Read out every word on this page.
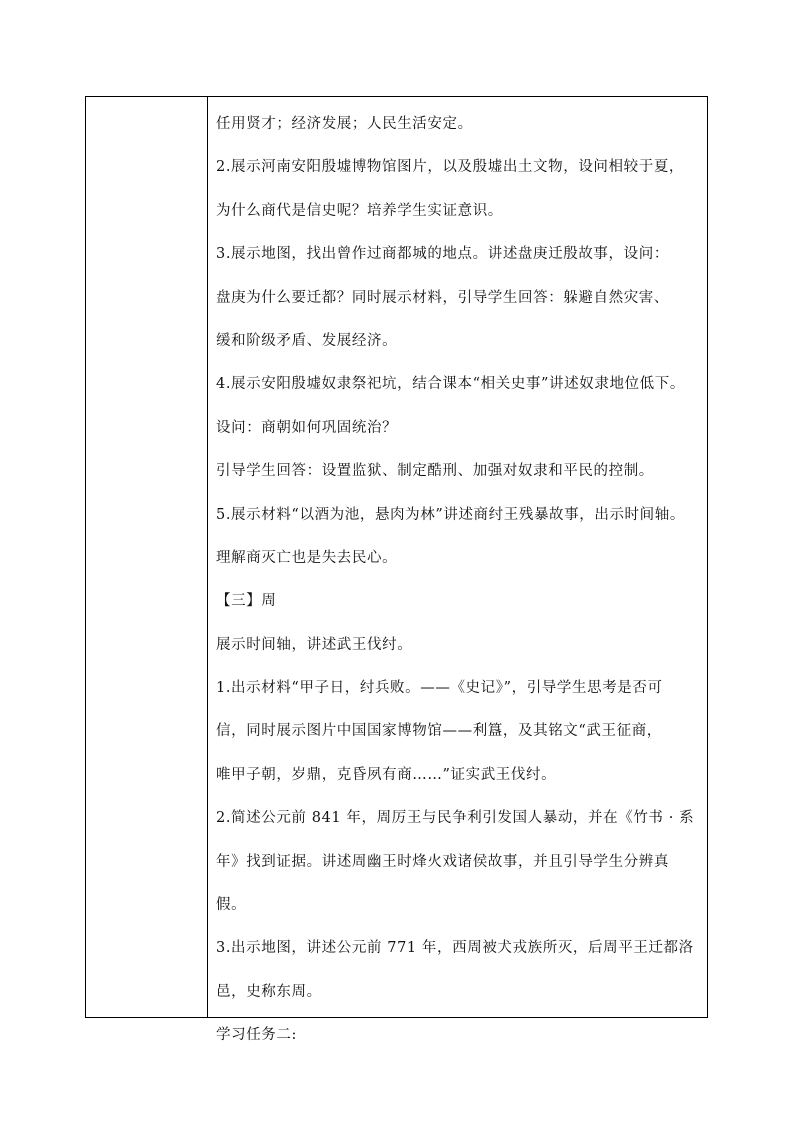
任用贤才；经济发展；人民生活安定。
2.展示河南安阳殷墟博物馆图片，以及殷墟出土文物，设问相较于夏，
为什么商代是信史呢？培养学生实证意识。
3.展示地图，找出曾作过商都城的地点。讲述盘庚迁殷故事，设问：
盘庚为什么要迁都？同时展示材料，引导学生回答：躲避自然灾害、
缓和阶级矛盾、发展经济。
4.展示安阳殷墟奴隶祭祀坑，结合课本“相关史事”讲述奴隶地位低下。
设问：商朝如何巩固统治？
引导学生回答：设置监狱、制定酷刑、加强对奴隶和平民的控制。
5.展示材料“以酒为池，悬肉为林”讲述商纣王残暴故事，出示时间轴。
理解商灭亡也是失去民心。
【三】周
展示时间轴，讲述武王伐纣。
1.出示材料“甲子日，纣兵败。——《史记》”，引导学生思考是否可
信，同时展示图片中国国家博物馆——利簋，及其铭文“武王征商，
唯甲子朝，岁鼎，克昏夙有商……”证实武王伐纣。
2.简述公元前 841 年，周厉王与民争利引发国人暴动，并在《竹书 · 系
年》找到证据。讲述周幽王时烽火戏诸侯故事，并且引导学生分辨真
假。
3.出示地图，讲述公元前 771 年，西周被犬戎族所灭，后周平王迁都洛
邑，史称东周。
学习任务二:
